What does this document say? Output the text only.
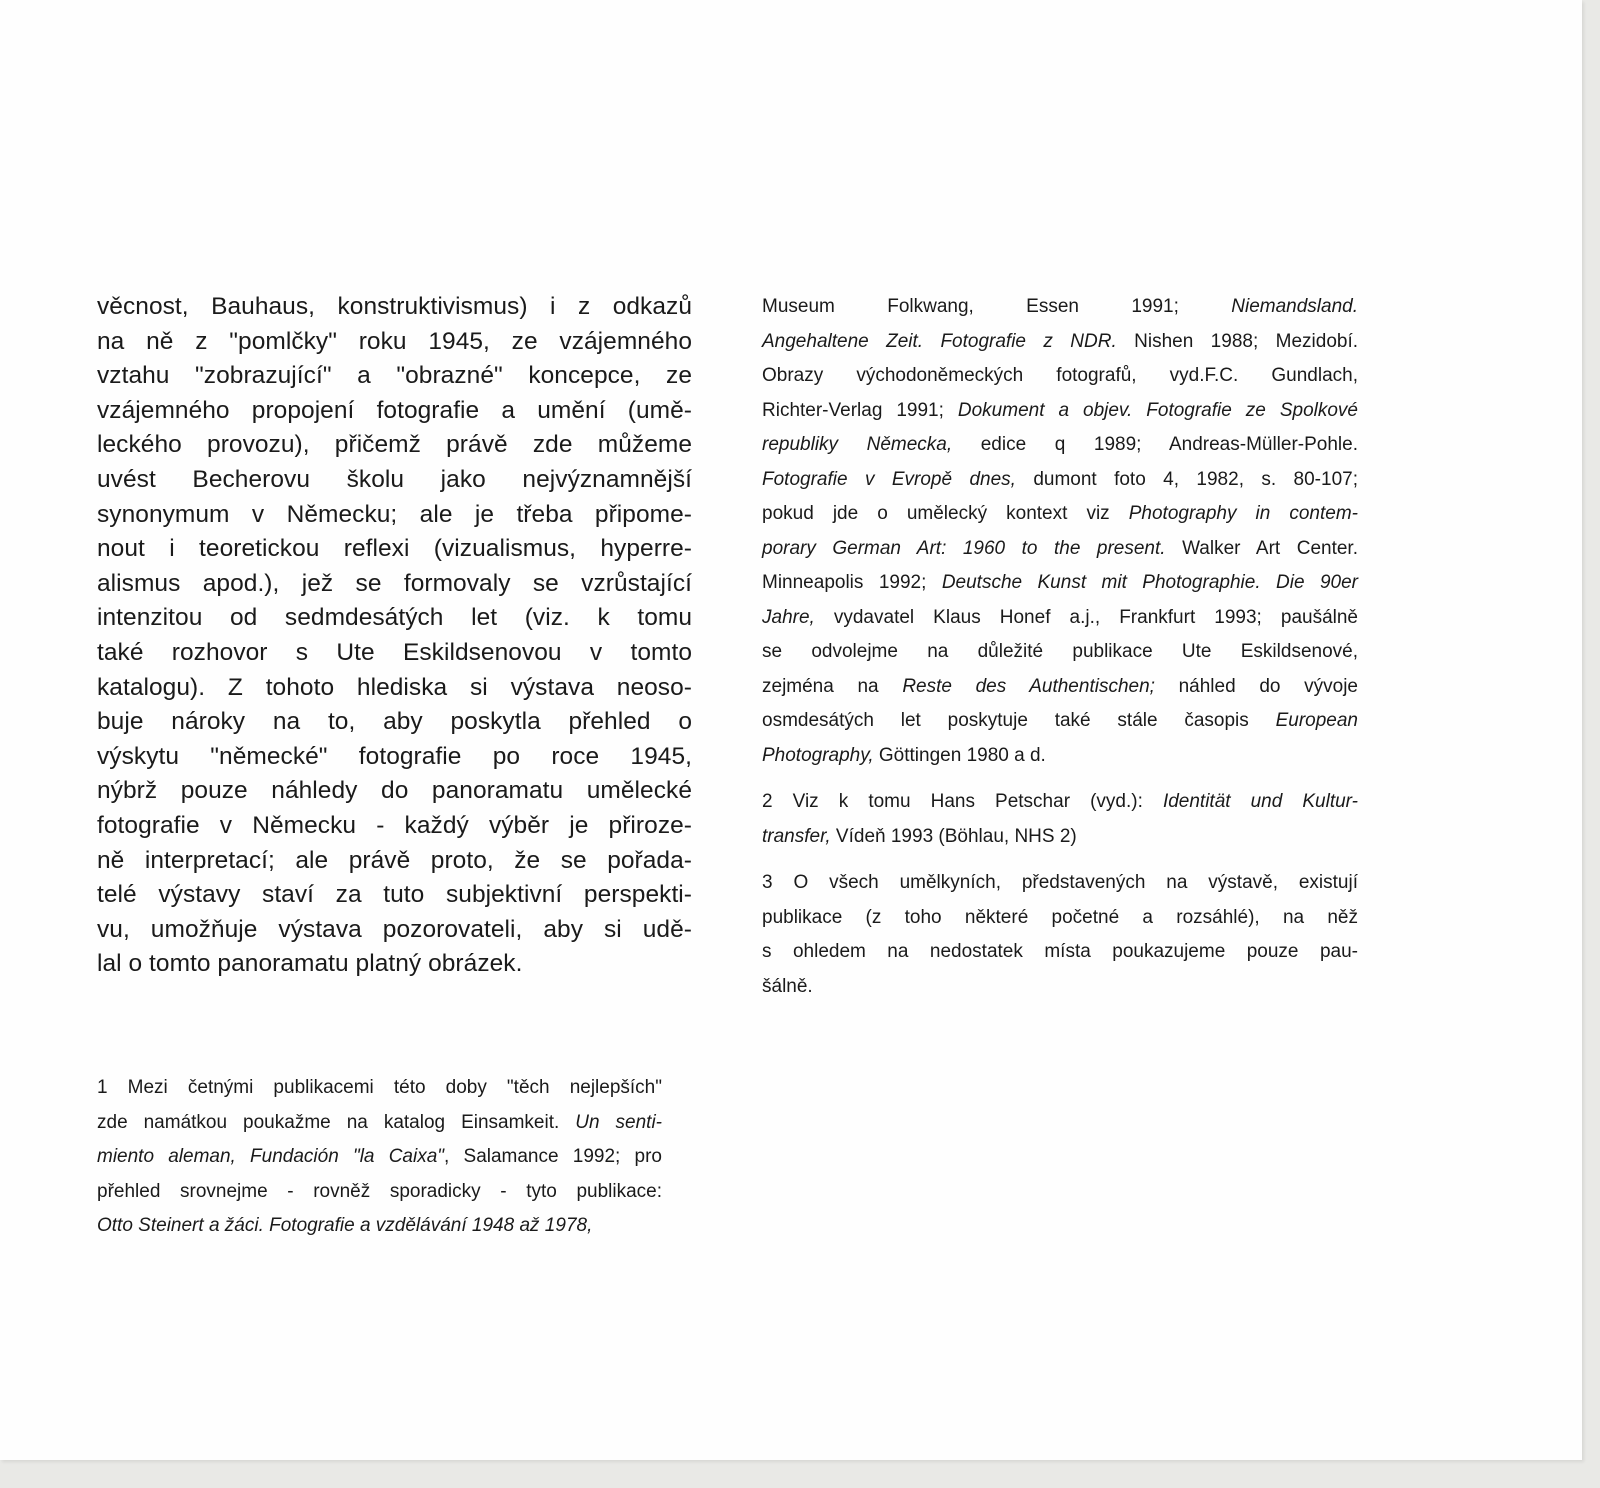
věcnost, Bauhaus, konstruktivismus) i z odkazů
na ně z "pomlčky" roku 1945, ze vzájemného
vztahu "zobrazující" a "obrazné" koncepce, ze
vzájemného propojení fotografie a umění (umě-
leckého provozu), přičemž právě zde můžeme
uvést Becherovu školu jako nejvýznamnější
synonymum v Německu; ale je třeba připome-
nout i teoretickou reflexi (vizualismus, hyperre-
alismus apod.), jež se formovaly se vzrůstající
intenzitou od sedmdesátých let (viz. k tomu
také rozhovor s Ute Eskildsenovou v tomto
katalogu). Z tohoto hlediska si výstava neoso-
buje nároky na to, aby poskytla přehled o
výskytu "německé" fotografie po roce 1945,
nýbrž pouze náhledy do panoramatu umělecké
fotografie v Německu - každý výběr je přiroze-
ně interpretací; ale právě proto, že se pořada-
telé výstavy staví za tuto subjektivní perspekti-
vu, umožňuje výstava pozorovateli, aby si udě-
lal o tomto panoramatu platný obrázek.
1 Mezi četnými publikacemi této doby "těch nejlepších"
zde namátkou poukažme na katalog Einsamkeit. Un senti-
miento aleman, Fundación "la Caixa", Salamance 1992; pro
přehled srovnejme - rovněž sporadicky - tyto publikace:
Otto Steinert a žáci. Fotografie a vzdělávání 1948 až 1978,
Museum Folkwang, Essen 1991; Niemandsland.
Angehaltene Zeit. Fotografie z NDR. Nishen 1988; Mezidobí.
Obrazy východoněmeckých fotografů, vyd.F.C. Gundlach,
Richter-Verlag 1991; Dokument a objev. Fotografie ze Spolkové
republiky Německa, edice q 1989; Andreas-Müller-Pohle.
Fotografie v Evropě dnes, dumont foto 4, 1982, s. 80-107;
pokud jde o umělecký kontext viz Photography in contem-
porary German Art: 1960 to the present. Walker Art Center.
Minneapolis 1992; Deutsche Kunst mit Photographie. Die 90er
Jahre, vydavatel Klaus Honef a.j., Frankfurt 1993; paušálně
se odvolejme na důležité publikace Ute Eskildsenové,
zejména na Reste des Authentischen; náhled do vývoje
osmdesátých let poskytuje také stále časopis European
Photography, Göttingen 1980 a d.
2 Viz k tomu Hans Petschar (vyd.): Identität und Kultur-
transfer, Vídeň 1993 (Böhlau, NHS 2)
3 O všech umělkyních, představených na výstavě, existují
publikace (z toho některé početné a rozsáhlé), na něž
s ohledem na nedostatek místa poukazujeme pouze pau-
šálně.
